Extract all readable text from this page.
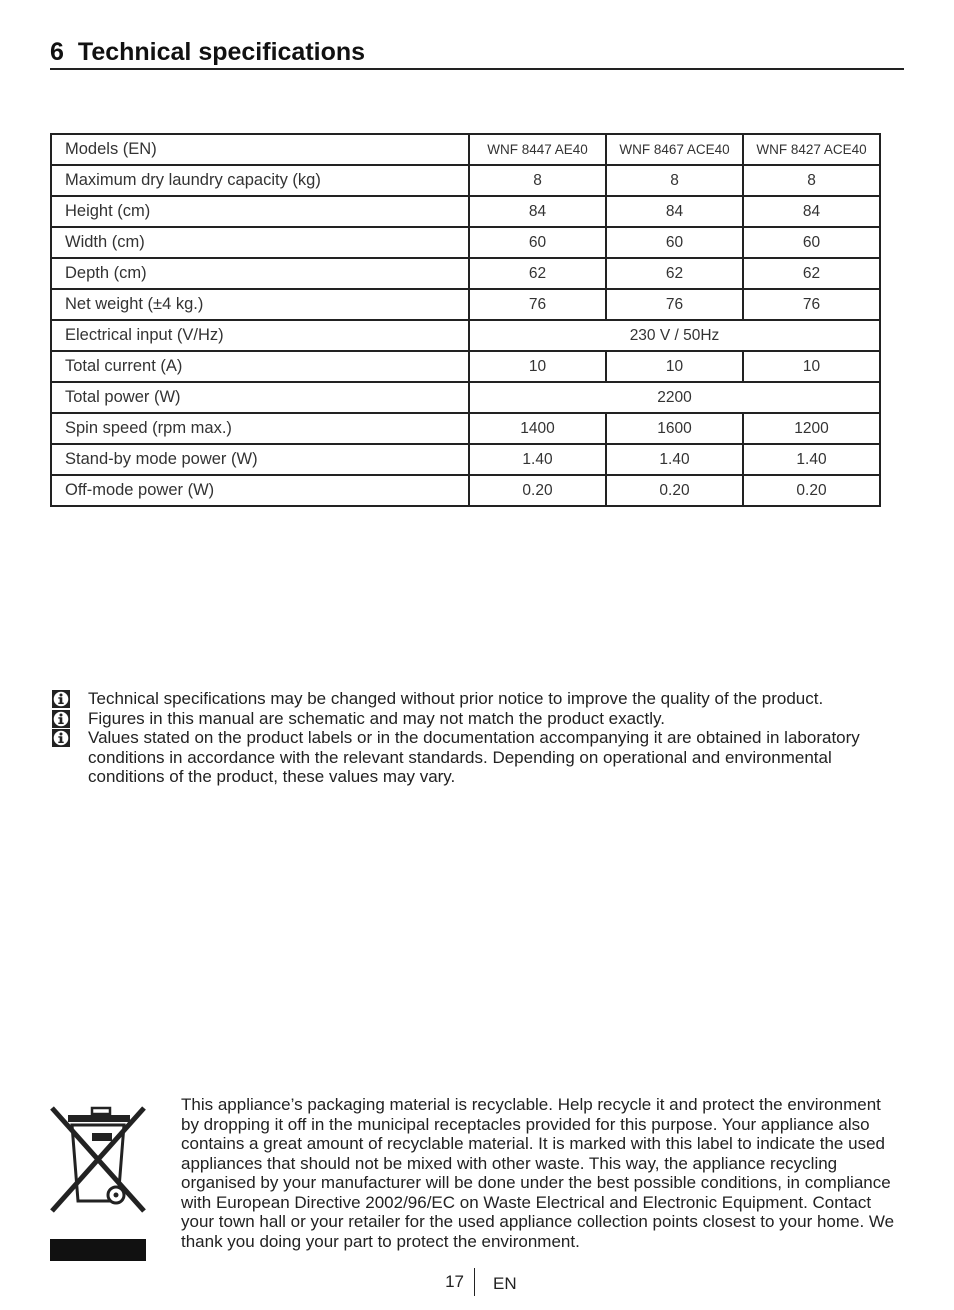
6 Technical specifications
Models (EN)	WNF 8447 AE40	WNF 8467 ACE40	WNF 8427 ACE40
Maximum dry laundry capacity (kg)	8	8	8
Height (cm)	84	84	84
Width (cm)	60	60	60
Depth (cm)	62	62	62
Net weight (±4 kg.)	76	76	76
Electrical input (V/Hz)	230 V / 50Hz		
Total current (A)	10	10	10
Total power (W)	2200		
Spin speed (rpm max.)	1400	1600	1200
Stand-by mode power (W)	1.40	1.40	1.40
Off-mode power (W)	0.20	0.20	0.20
Technical specifications may be changed without prior notice to improve the quality of the product.
Figures in this manual are schematic and may not match the product exactly.
Values stated on the product labels or in the documentation accompanying it are obtained in laboratory conditions in accordance with the relevant standards. Depending on operational and environmental conditions of the product, these values may vary.
This appliance’s packaging material is recyclable. Help recycle it and protect the environment by dropping it off in the municipal receptacles provided for this purpose. Your appliance also contains a great amount of recyclable material. It is marked with this label to indicate the used appliances that should not be mixed with other waste. This way, the appliance recycling organised by your manufacturer will be done under the best possible conditions, in compliance with European Directive 2002/96/EC on Waste Electrical and Electronic Equipment. Contact your town hall or your retailer for the used appliance collection points closest to your home. We thank you doing your part to protect the environment.
17 EN
